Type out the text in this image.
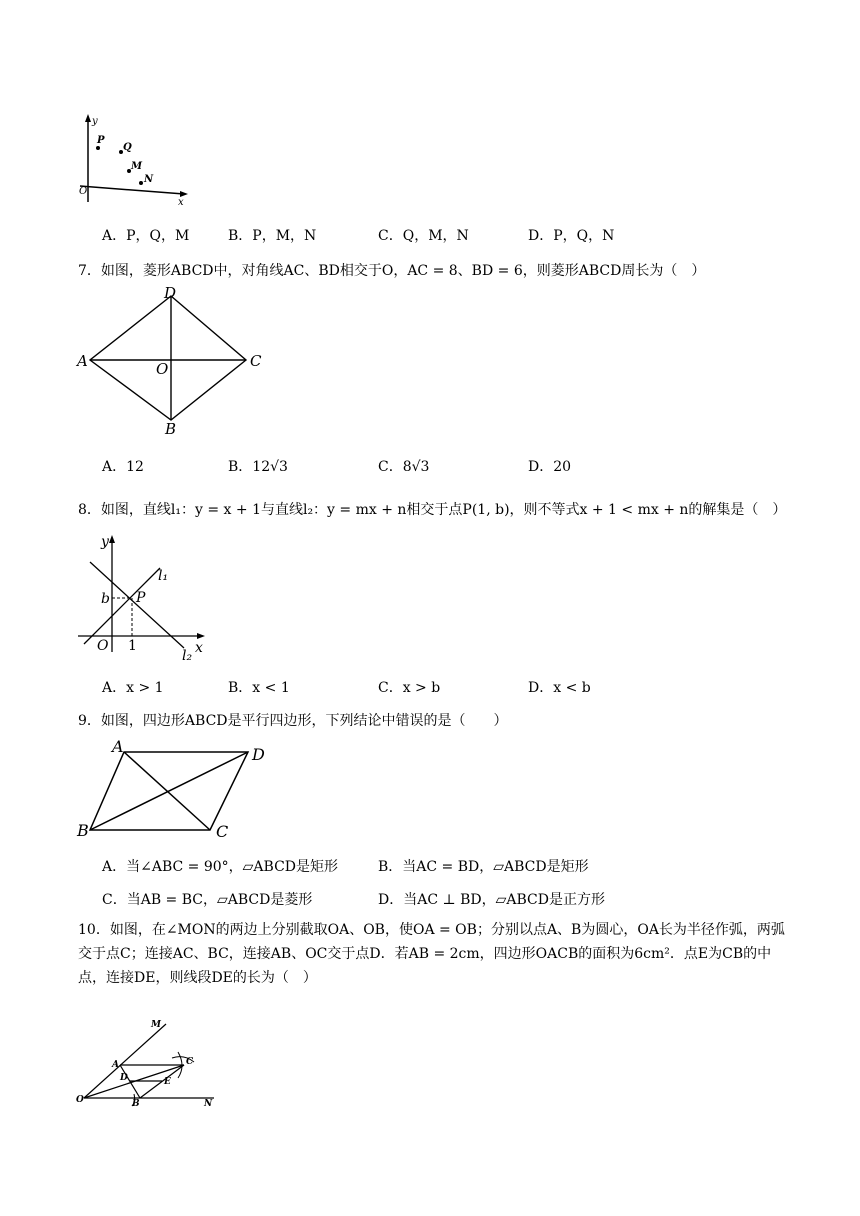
y
x
O
P
Q
M
N
A．P，Q，M	B．P，M，N	C．Q，M，N	D．P，Q，N
7．如图，菱形ABCD中，对角线AC、BD相交于O，AC = 8、BD = 6，则菱形ABCD周长为（　）
D
A	C
B
O
A．12	B．12√3	C．8√3	D．20
8．如图，直线l₁：y = x + 1与直线l₂：y = mx + n相交于点P(1, b)，则不等式x + 1 < mx + n的解集是（　）
y
x
O 1
b P
l₁
l₂
A．x > 1	B．x < 1	C．x > b	D．x < b
9．如图，四边形ABCD是平行四边形，下列结论中错误的是（　　）
A	D
B	C
A．当∠ABC = 90°，▱ABCD是矩形	B．当AC = BD，▱ABCD是矩形
C．当AB = BC，▱ABCD是菱形	D．当AC ⊥ BD，▱ABCD是正方形
10．如图，在∠MON的两边上分别截取OA、OB，使OA = OB；分别以点A、B为圆心，OA长为半径作弧，两弧交于点C；连接AC、BC，连接AB、OC交于点D．若AB = 2cm，四边形OACB的面积为6cm²．点E为CB的中点，连接DE，则线段DE的长为（　）
M
N
O
A
B
C
D	E
